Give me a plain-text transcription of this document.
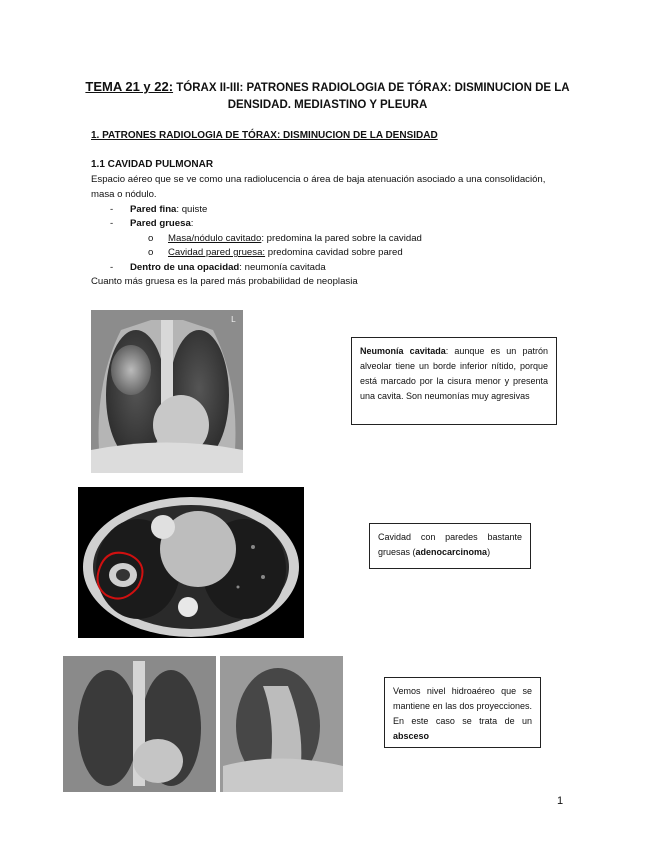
TEMA 21 y 22: TÓRAX II-III: PATRONES RADIOLOGIA DE TÓRAX: DISMINUCION DE LA DENSIDAD. MEDIASTINO Y PLEURA
1. PATRONES RADIOLOGIA DE TÓRAX: DISMINUCION DE LA DENSIDAD
1.1 CAVIDAD PULMONAR
Espacio aéreo que se ve como una radiolucencia o área de baja atenuación asociado a una consolidación, masa o nódulo.
- Pared fina: quiste
- Pared gruesa:
o Masa/nódulo cavitado: predomina la pared sobre la cavidad
o Cavidad pared gruesa: predomina cavidad sobre pared
- Dentro de una opacidad: neumonía cavitada
Cuanto más gruesa es la pared más probabilidad de neoplasia
L
Neumonía cavitada: aunque es un patrón alveolar tiene un borde inferior nítido, porque está marcado por la cisura menor y presenta una cavita. Son neumonías muy agresivas
Cavidad con paredes bastante gruesas (adenocarcinoma)
Vemos nivel hidroaéreo que se mantiene en las dos proyecciones. En este caso se trata de un absceso
1
